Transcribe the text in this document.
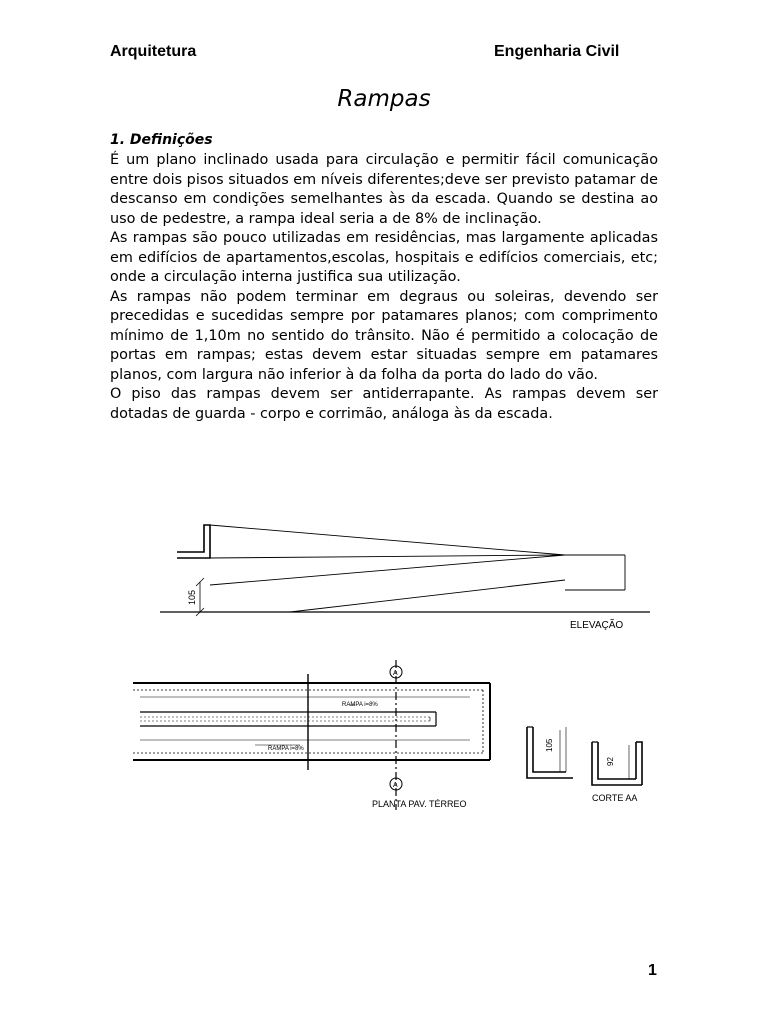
Arquitetura	Engenharia Civil
Rampas
1. Definições

É um plano inclinado usada para circulação e permitir fácil comunicação entre dois pisos situados em níveis diferentes;deve ser previsto patamar de descanso em condições semelhantes às da escada. Quando se destina ao uso de pedestre, a rampa ideal seria a de 8% de inclinação.

As rampas são pouco utilizadas em residências, mas largamente aplicadas em edifícios de apartamentos,escolas, hospitais e edifícios comerciais, etc; onde a circulação interna justifica sua utilização.

As rampas não podem terminar em degraus ou soleiras, devendo ser precedidas e sucedidas sempre por patamares planos; com comprimento mínimo de 1,10m no sentido do trânsito. Não é permitido a colocação de portas em rampas; estas devem estar situadas sempre em patamares planos, com largura não inferior à da folha da porta do lado do vão.

O piso das rampas devem ser antiderrapante. As rampas devem ser dotadas de guarda - corpo e corrimão, análoga às da escada.

105
ELEVAÇÃO
RAMPA i=8%
RAMPA i=8%
A
A
PLANTA PAV. TÉRREO
105
92
CORTE AA
1
